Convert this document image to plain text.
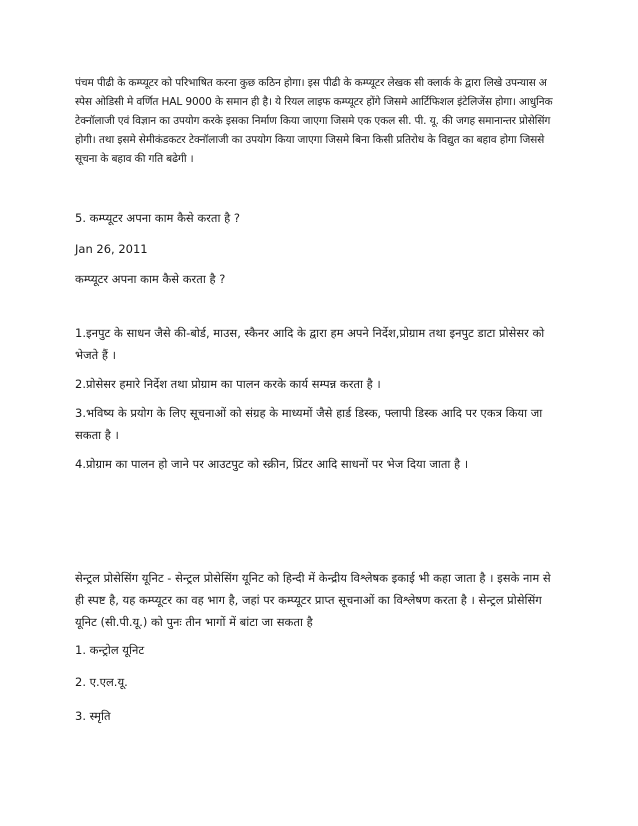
पंचम पीढी के कम्प्यूटर को परिभाषित करना कुछ कठिन होगा। इस पीढी के कम्प्यूटर लेखक सी क्लार्क के द्वारा लिखे उपन्यास अ स्पेस ओडिसी मे वर्णित HAL 9000 के समान ही है। ये रियल लाइफ कम्प्यूटर होंगे जिसमे आर्टिफिशल इंटेलिजेंस होगा। आधुनिक टेक्नॉलाजी एवं विज्ञान का उपयोग करके इसका निर्माण किया जाएगा जिसमे एक एकल सी. पी. यू. की जगह समानान्तर प्रोसेसिंग होगी। तथा इसमे सेमीकंडकटर टेक्नॉलाजी का उपयोग किया जाएगा जिसमे बिना किसी प्रतिरोध के विद्युत का बहाव होगा जिससे सूचना के बहाव की गति बढेगी ।
5. कम्प्यूटर अपना काम कैसे करता है ?
Jan 26, 2011
कम्प्यूटर अपना काम कैसे करता है ?
1.इनपुट के साधन जैसे की-बोर्ड, माउस, स्कैनर आदि के द्वारा हम अपने निर्देश,प्रोग्राम तथा इनपुट डाटा प्रोसेसर को भेजते हैं ।
2.प्रोसेसर हमारे निर्देश तथा प्रोग्राम का पालन करके कार्य सम्पन्न करता है ।
3.भविष्य के प्रयोग के लिए सूचनाओं को संग्रह के माध्यमों जैसे हार्ड डिस्क, फ्लापी डिस्क आदि पर एकत्र किया जा सकता है ।
4.प्रोग्राम का पालन हो जाने पर आउटपुट को स्क्रीन, प्रिंटर आदि साधनों पर भेज दिया जाता है ।
सेन्ट्रल प्रोसेसिंग यूनिट - सेन्ट्रल प्रोसेसिंग यूनिट को हिन्दी में केन्द्रीय विश्लेषक इकाई भी कहा जाता है । इसके नाम से ही स्पष्ट है, यह कम्प्यूटर का वह भाग है, जहां पर कम्प्यूटर प्राप्त सूचनाओं का विश्लेषण करता है । सेन्ट्रल प्रोसेसिंग यूनिट (सी.पी.यू.) को पुनः तीन भागों में बांटा जा सकता है
1. कन्ट्रोल यूनिट
2. ए.एल.यू.
3. स्मृति
